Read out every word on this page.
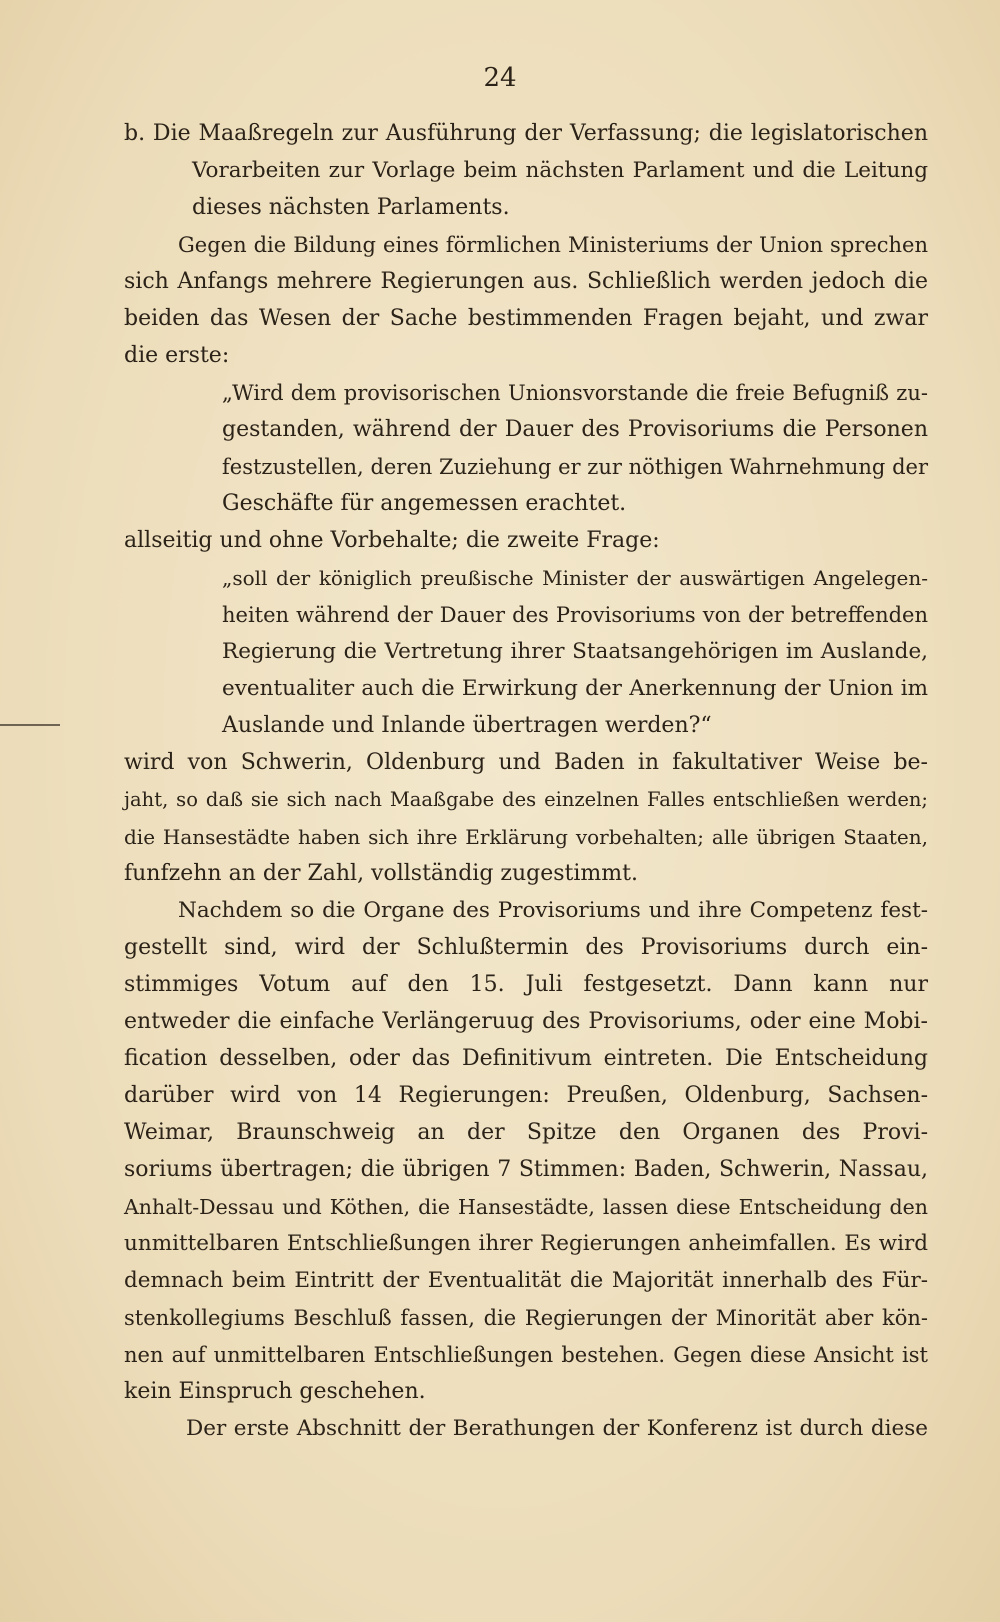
24
b. Die Maaßregeln zur Ausführung der Verfassung; die legislatorischen
Vorarbeiten zur Vorlage beim nächsten Parlament und die Leitung
dieses nächsten Parlaments.
Gegen die Bildung eines förmlichen Ministeriums der Union sprechen
sich Anfangs mehrere Regierungen aus. Schließlich werden jedoch die
beiden das Wesen der Sache bestimmenden Fragen bejaht, und zwar
die erste:
„Wird dem provisorischen Unionsvorstande die freie Befugniß zu-
gestanden, während der Dauer des Provisoriums die Personen
festzustellen, deren Zuziehung er zur nöthigen Wahrnehmung der
Geschäfte für angemessen erachtet.
allseitig und ohne Vorbehalte; die zweite Frage:
„soll der königlich preußische Minister der auswärtigen Angelegen-
heiten während der Dauer des Provisoriums von der betreffenden
Regierung die Vertretung ihrer Staatsangehörigen im Auslande,
eventualiter auch die Erwirkung der Anerkennung der Union im
Auslande und Inlande übertragen werden?“
wird von Schwerin, Oldenburg und Baden in fakultativer Weise be-
jaht, so daß sie sich nach Maaßgabe des einzelnen Falles entschließen werden;
die Hansestädte haben sich ihre Erklärung vorbehalten; alle übrigen Staaten,
funfzehn an der Zahl, vollständig zugestimmt.
Nachdem so die Organe des Provisoriums und ihre Competenz fest-
gestellt sind, wird der Schlußtermin des Provisoriums durch ein-
stimmiges Votum auf den 15. Juli festgesetzt. Dann kann nur
entweder die einfache Verlängeruug des Provisoriums, oder eine Mobi-
fication desselben, oder das Definitivum eintreten. Die Entscheidung
darüber wird von 14 Regierungen: Preußen, Oldenburg, Sachsen-
Weimar, Braunschweig an der Spitze den Organen des Provi-
soriums übertragen; die übrigen 7 Stimmen: Baden, Schwerin, Nassau,
Anhalt-Dessau und Köthen, die Hansestädte, lassen diese Entscheidung den
unmittelbaren Entschließungen ihrer Regierungen anheimfallen. Es wird
demnach beim Eintritt der Eventualität die Majorität innerhalb des Für-
stenkollegiums Beschluß fassen, die Regierungen der Minorität aber kön-
nen auf unmittelbaren Entschließungen bestehen. Gegen diese Ansicht ist
kein Einspruch geschehen.
Der erste Abschnitt der Berathungen der Konferenz ist durch diese
